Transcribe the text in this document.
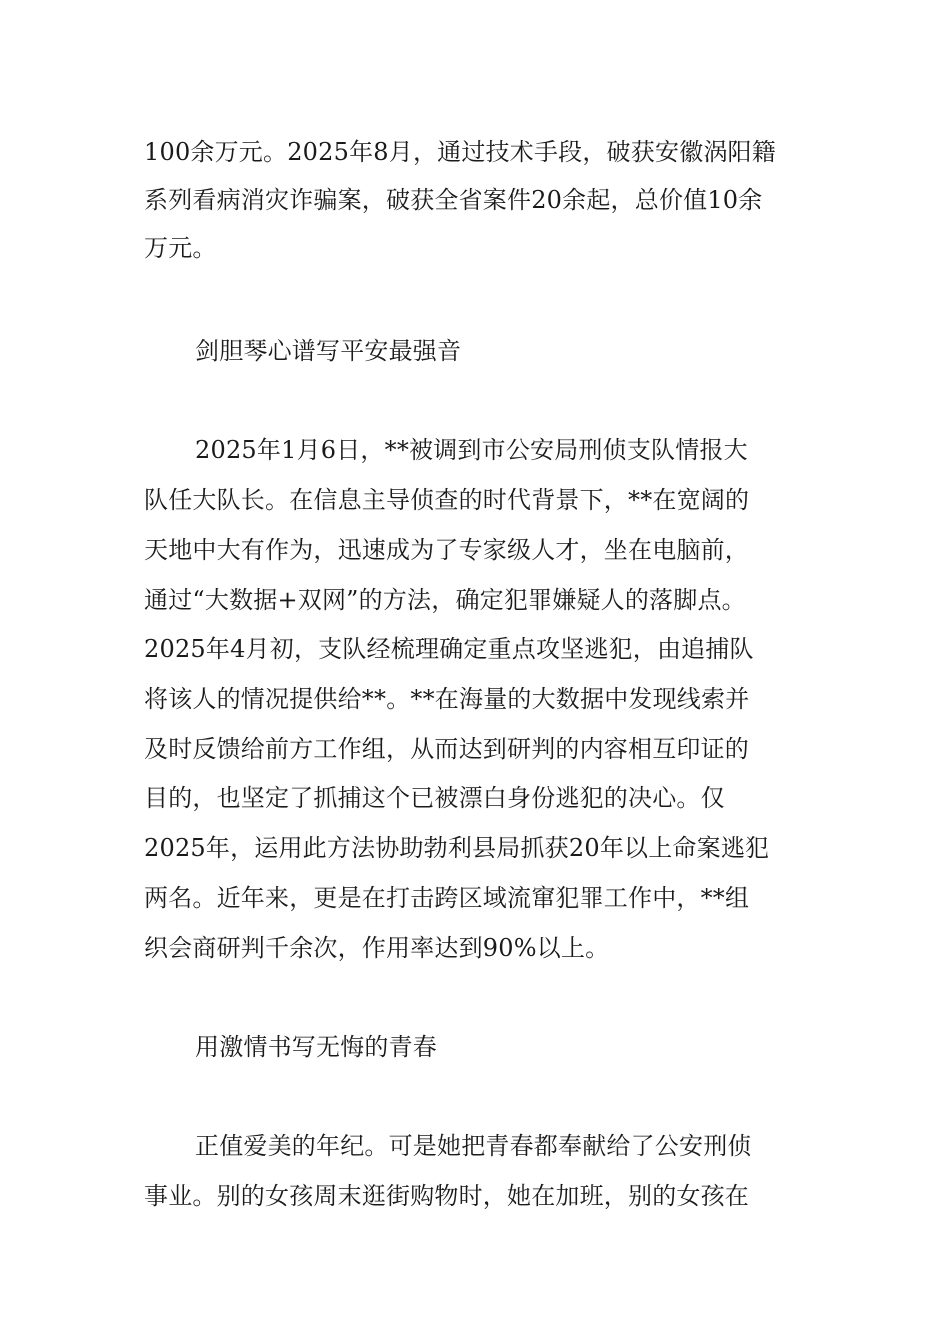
100余万元。2025年8月，通过技术手段，破获安徽涡阳籍
系列看病消灾诈骗案，破获全省案件20余起，总价值10余
万元。
剑胆琴心谱写平安最强音
2025年1月6日，**被调到市公安局刑侦支队情报大
队任大队长。在信息主导侦查的时代背景下，**在宽阔的
天地中大有作为，迅速成为了专家级人才，坐在电脑前，
通过“大数据+双网”的方法，确定犯罪嫌疑人的落脚点。
2025年4月初，支队经梳理确定重点攻坚逃犯，由追捕队
将该人的情况提供给**。**在海量的大数据中发现线索并
及时反馈给前方工作组，从而达到研判的内容相互印证的
目的，也坚定了抓捕这个已被漂白身份逃犯的决心。仅
2025年，运用此方法协助勃利县局抓获20年以上命案逃犯
两名。近年来，更是在打击跨区域流窜犯罪工作中，**组
织会商研判千余次，作用率达到90%以上。
用激情书写无悔的青春
正值爱美的年纪。可是她把青春都奉献给了公安刑侦
事业。别的女孩周末逛街购物时，她在加班，别的女孩在
